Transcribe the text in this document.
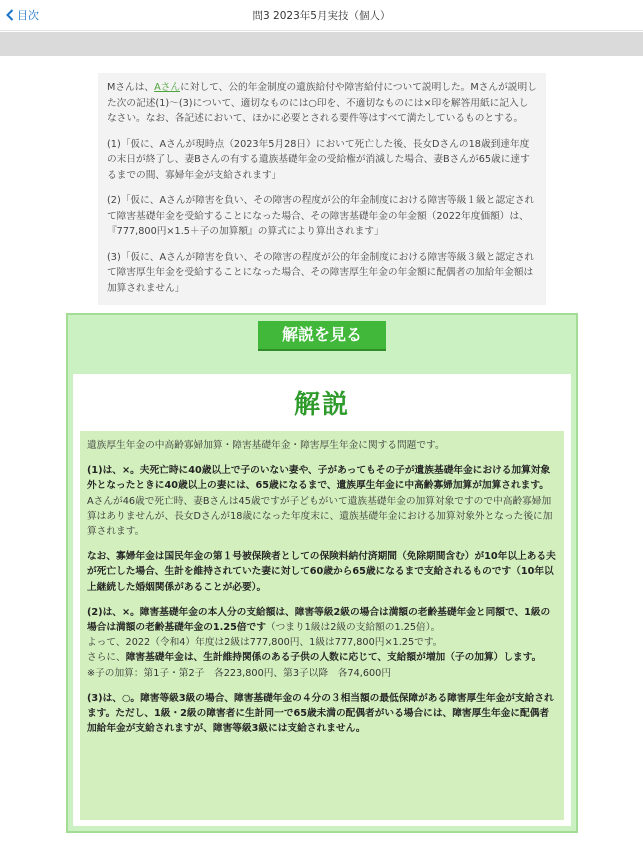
目次	問3 2023年5月実技（個人）

Mさんは、Aさんに対して、公的年金制度の遺族給付や障害給付について説明した。Mさんが説明した次の記述(1)～(3)について、適切なものには○印を、不適切なものには×印を解答用紙に記入しなさい。なお、各記述において、ほかに必要とされる要件等はすべて満たしているものとする。

(1)「仮に、Aさんが現時点（2023年5月28日）において死亡した後、長女Dさんの18歳到達年度の末日が終了し、妻Bさんの有する遺族基礎年金の受給権が消滅した場合、妻Bさんが65歳に達するまでの間、寡婦年金が支給されます」

(2)「仮に、Aさんが障害を負い、その障害の程度が公的年金制度における障害等級１級と認定されて障害基礎年金を受給することになった場合、その障害基礎年金の年金額（2022年度価額）は、『777,800円×1.5＋子の加算額』の算式により算出されます」

(3)「仮に、Aさんが障害を負い、その障害の程度が公的年金制度における障害等級３級と認定されて障害厚生年金を受給することになった場合、その障害厚生年金の年金額に配偶者の加給年金額は加算されません」

解説を見る
解説

遺族厚生年金の中高齢寡婦加算・障害基礎年金・障害厚生年金に関する問題です。

(1)は、×。夫死亡時に40歳以上で子のいない妻や、子があってもその子が遺族基礎年金における加算対象外となったときに40歳以上の妻には、65歳になるまで、遺族厚生年金に中高齢寡婦加算が加算されます。
Aさんが46歳で死亡時、妻Bさんは45歳ですが子どもがいて遺族基礎年金の加算対象ですので中高齢寡婦加算はありませんが、長女Dさんが18歳になった年度末に、遺族基礎年金における加算対象外となった後に加算されます。

なお、寡婦年金は国民年金の第１号被保険者としての保険料納付済期間（免除期間含む）が10年以上ある夫が死亡した場合、生計を維持されていた妻に対して60歳から65歳になるまで支給されるものです（10年以上継続した婚姻関係があることが必要）。

(2)は、×。障害基礎年金の本人分の支給額は、障害等級2級の場合は満額の老齢基礎年金と同額で、1級の場合は満額の老齢基礎年金の1.25倍です（つまり1級は2級の支給額の1.25倍）。
よって、2022（令和4）年度は2級は777,800円、1級は777,800円×1.25です。
さらに、障害基礎年金は、生計維持関係のある子供の人数に応じて、支給額が増加（子の加算）します。
※子の加算：第1子・第2子　各223,800円、第3子以降　各74,600円

(3)は、○。障害等級3級の場合、障害基礎年金の４分の３相当額の最低保障がある障害厚生年金が支給されます。ただし、1級・2級の障害者に生計同一で65歳未満の配偶者がいる場合には、障害厚生年金に配偶者加給年金が支給されますが、障害等級3級には支給されません。
